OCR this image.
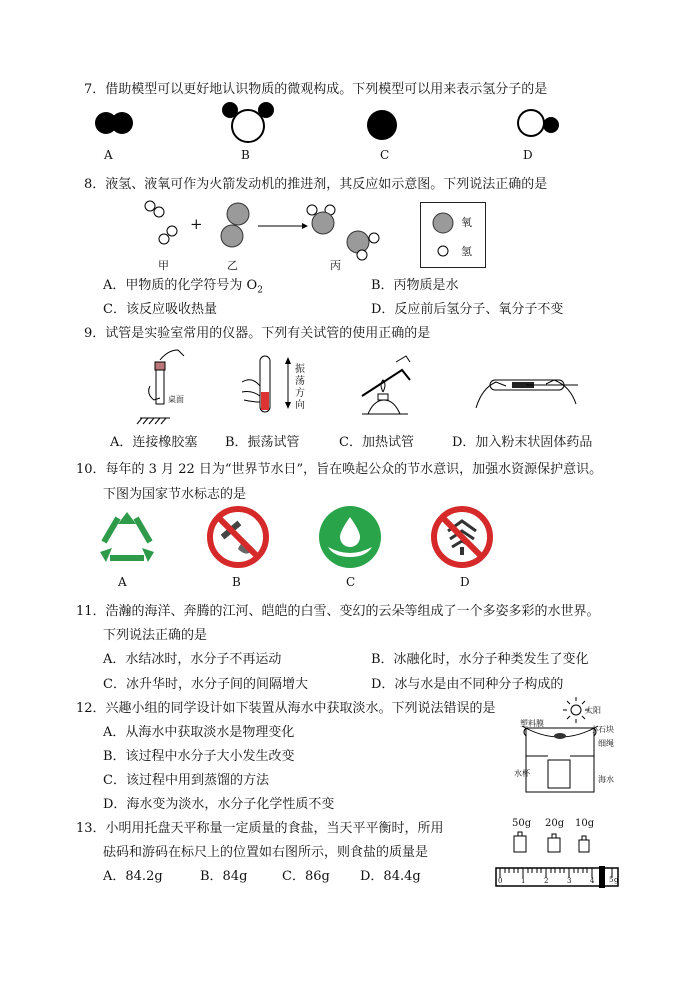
7．借助模型可以更好地认识物质的微观构成。下列模型可以用来表示氢分子的是
A	B	C	D
8．液氢、液氧可作为火箭发动机的推进剂，其反应如示意图。下列说法正确的是
+
甲	乙	丙
氧
氢
A．甲物质的化学符号为 $O_2$	B．丙物质是水
C．该反应吸收热量	D．反应前后氢分子、氧分子不变
9．试管是实验室常用的仪器。下列有关试管的使用正确的是
桌面
振
荡
方
向
A．连接橡胶塞 B．振荡试管	C．加热试管	D．加入粉末状固体药品
10．每年的 3 月 22 日为“世界节水日”，旨在唤起公众的节水意识，加强水资源保护意识。
下图为国家节水标志的是
A	B	C	D
11．浩瀚的海洋、奔腾的江河、皑皑的白雪、变幻的云朵等组成了一个多姿多彩的水世界。
下列说法正确的是
A．水结冰时，水分子不再运动	B．冰融化时，水分子种类发生了变化
C．冰升华时，水分子间的间隔增大	D．冰与水是由不同种分子构成的
12．兴趣小组的同学设计如下装置从海水中获取淡水。下列说法错误的是
A．从海水中获取淡水是物理变化
B．该过程中水分子大小发生改变
C．该过程中用到蒸馏的方法
D．海水变为淡水，水分子化学性质不变
太阳
塑料膜
小石块
细绳
水杯
海水
13．小明用托盘天平称量一定质量的食盐，当天平平衡时，所用
砝码和游码在标尺上的位置如右图所示，则食盐的质量是
A．84.2g	B．84g	C．86g D．84.4g
50g 20g 10g
0	1	2	3	4 5 g
